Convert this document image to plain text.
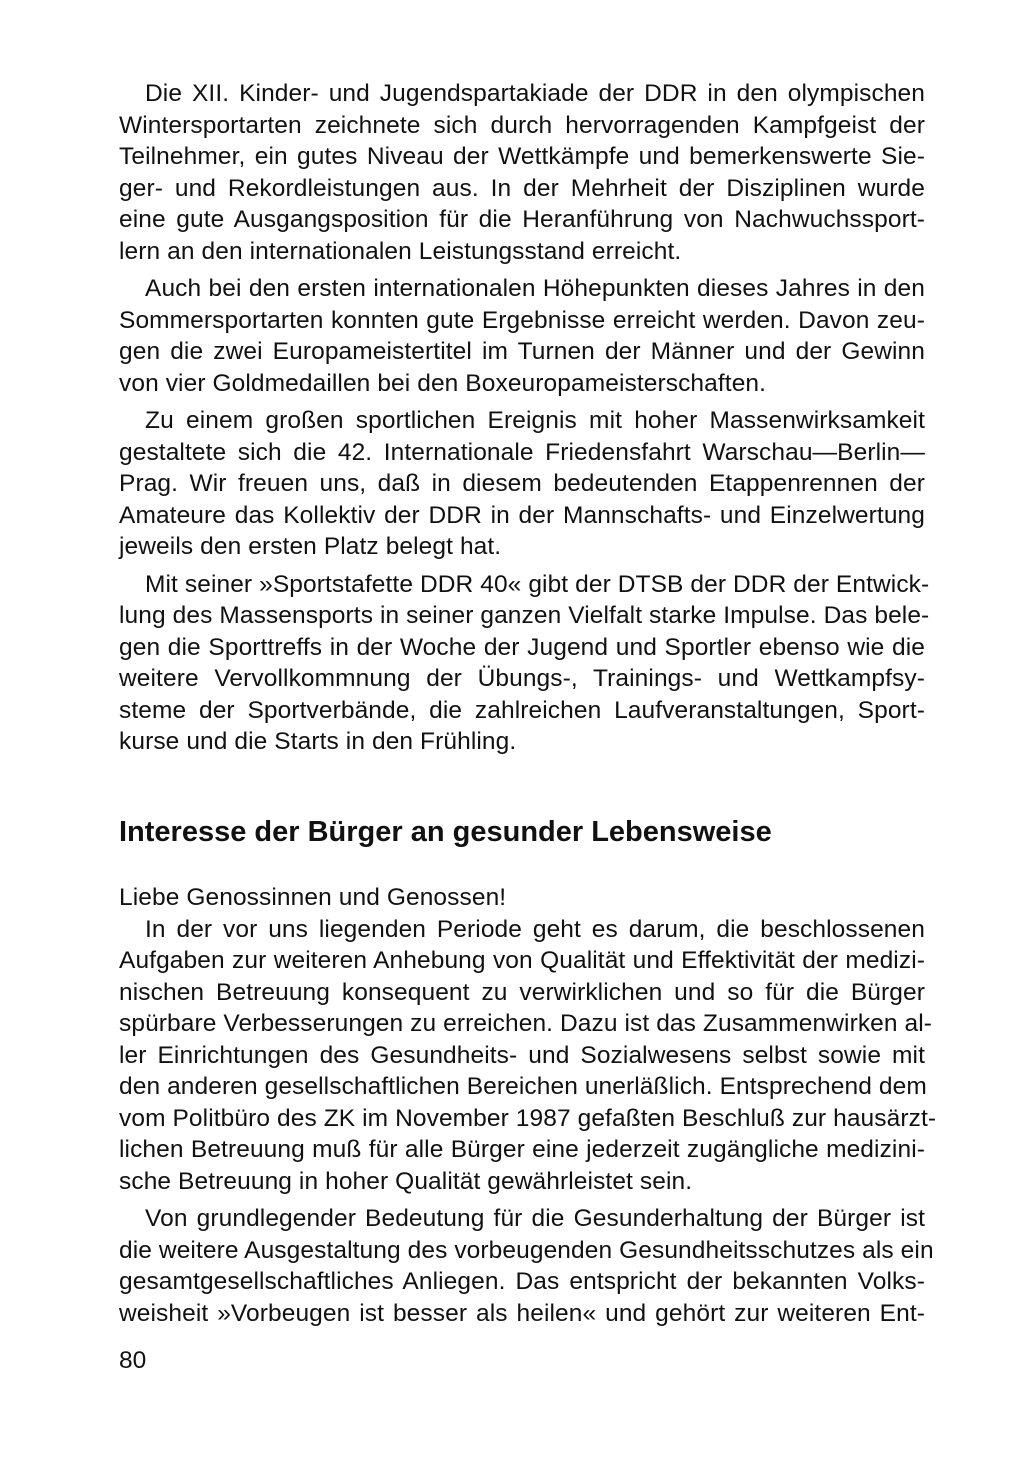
Die XII. Kinder- und Jugendspartakiade der DDR in den olympischen
Wintersportarten zeichnete sich durch hervorragenden Kampfgeist der
Teilnehmer, ein gutes Niveau der Wettkämpfe und bemerkenswerte Sie-
ger- und Rekordleistungen aus. In der Mehrheit der Disziplinen wurde
eine gute Ausgangsposition für die Heranführung von Nachwuchssport-
lern an den internationalen Leistungsstand erreicht.
Auch bei den ersten internationalen Höhepunkten dieses Jahres in den
Sommersportarten konnten gute Ergebnisse erreicht werden. Davon zeu-
gen die zwei Europameistertitel im Turnen der Männer und der Gewinn
von vier Goldmedaillen bei den Boxeuropameisterschaften.
Zu einem großen sportlichen Ereignis mit hoher Massenwirksamkeit
gestaltete sich die 42. Internationale Friedensfahrt Warschau—Berlin—
Prag. Wir freuen uns, daß in diesem bedeutenden Etappenrennen der
Amateure das Kollektiv der DDR in der Mannschafts- und Einzelwertung
jeweils den ersten Platz belegt hat.
Mit seiner »Sportstafette DDR 40« gibt der DTSB der DDR der Entwick-
lung des Massensports in seiner ganzen Vielfalt starke Impulse. Das bele-
gen die Sporttreffs in der Woche der Jugend und Sportler ebenso wie die
weitere Vervollkommnung der Übungs-, Trainings- und Wettkampfsy-
steme der Sportverbände, die zahlreichen Laufveranstaltungen, Sport-
kurse und die Starts in den Frühling.
Interesse der Bürger an gesunder Lebensweise
Liebe Genossinnen und Genossen!
In der vor uns liegenden Periode geht es darum, die beschlossenen
Aufgaben zur weiteren Anhebung von Qualität und Effektivität der medizi-
nischen Betreuung konsequent zu verwirklichen und so für die Bürger
spürbare Verbesserungen zu erreichen. Dazu ist das Zusammenwirken al-
ler Einrichtungen des Gesundheits- und Sozialwesens selbst sowie mit
den anderen gesellschaftlichen Bereichen unerläßlich. Entsprechend dem
vom Politbüro des ZK im November 1987 gefaßten Beschluß zur hausärzt-
lichen Betreuung muß für alle Bürger eine jederzeit zugängliche medizini-
sche Betreuung in hoher Qualität gewährleistet sein.
Von grundlegender Bedeutung für die Gesunderhaltung der Bürger ist
die weitere Ausgestaltung des vorbeugenden Gesundheitsschutzes als ein
gesamtgesellschaftliches Anliegen. Das entspricht der bekannten Volks-
weisheit »Vorbeugen ist besser als heilen« und gehört zur weiteren Ent-
80
